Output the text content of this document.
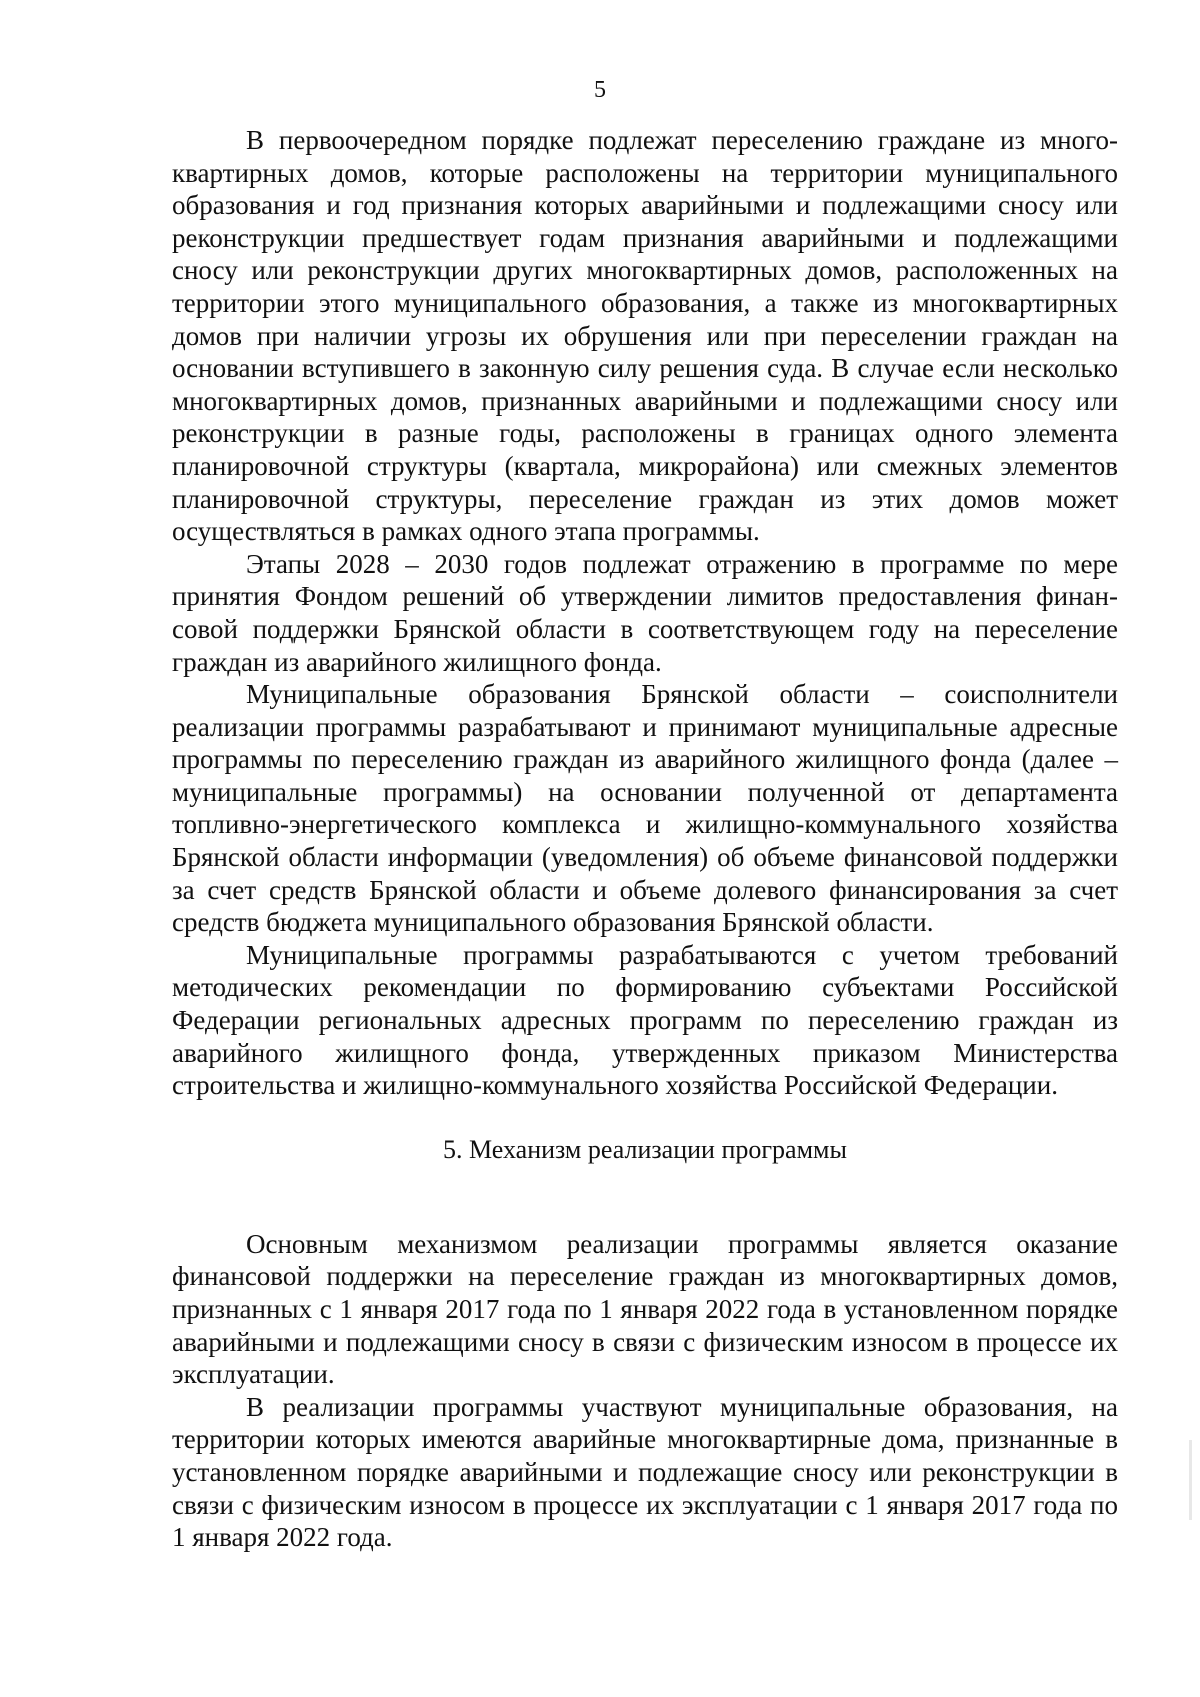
5

В первоочередном порядке подлежат переселению граждане из многоквартирных домов, которые расположены на территории муниципального образования и год признания которых аварийными и подлежащими сносу или реконструкции предшествует годам признания аварийными и подлежащими сносу или реконструкции других многоквартирных домов, расположенных на территории этого муниципального образования, а также из многоквартирных домов при наличии угрозы их обрушения или при переселении граждан на основании вступившего в законную силу решения суда. В случае если несколько многоквартирных домов, признанных аварийными и подлежащими сносу или реконструкции в разные годы, расположены в границах одного элемента планировочной структуры (квартала, микрорайона) или смежных элементов планировочной структуры, переселение граждан из этих домов может осуществляться в рамках одного этапа программы.

Этапы 2028 – 2030 годов подлежат отражению в программе по мере принятия Фондом решений об утверждении лимитов предоставления финансовой поддержки Брянской области в соответствующем году на переселение граждан из аварийного жилищного фонда.

Муниципальные образования Брянской области – соисполнители реализации программы разрабатывают и принимают муниципальные адресные программы по переселению граждан из аварийного жилищного фонда (далее – муниципальные программы) на основании полученной от департамента топливно-энергетического комплекса и жилищно-коммунального хозяйства Брянской области информации (уведомления) об объеме финансовой поддержки за счет средств Брянской области и объеме долевого финансирования за счет средств бюджета муниципального образования Брянской области.

Муниципальные программы разрабатываются с учетом требований методических рекомендации по формированию субъектами Российской Федерации региональных адресных программ по переселению граждан из аварийного жилищного фонда, утвержденных приказом Министерства строительства и жилищно-коммунального хозяйства Российской Федерации.

5. Механизм реализации программы

Основным механизмом реализации программы является оказание финансовой поддержки на переселение граждан из многоквартирных домов, признанных с 1 января 2017 года по 1 января 2022 года в установленном порядке аварийными и подлежащими сносу в связи с физическим износом в процессе их эксплуатации.

В реализации программы участвуют муниципальные образования, на территории которых имеются аварийные многоквартирные дома, признанные в установленном порядке аварийными и подлежащие сносу или реконструкции в связи с физическим износом в процессе их эксплуатации с 1 января 2017 года по 1 января 2022 года.
